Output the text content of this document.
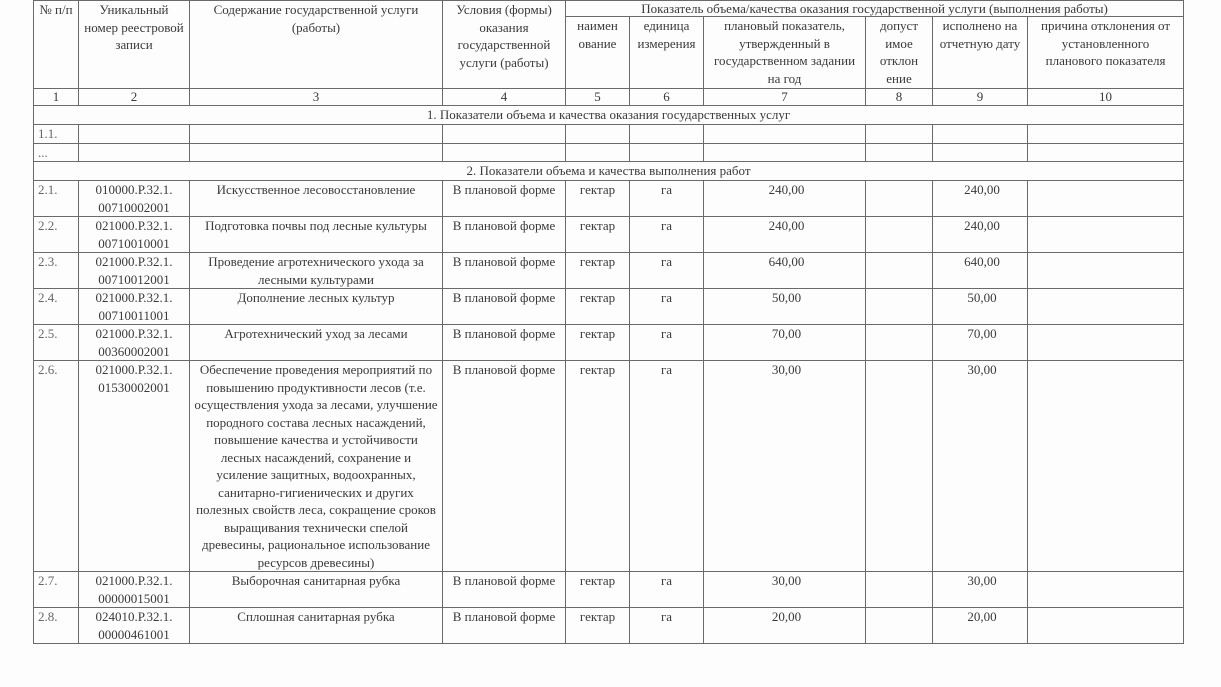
№ п/п	Уникальный номер реестровой записи	Содержание государственной услуги (работы)	Условия (формы) оказания государственной услуги (работы)	Показатель объема/качества оказания государственной услуги (выполнения работы)					
				наимен ование	единица измерения	плановый показатель, утвержденный в государственном задании на год	допуст имое отклон ение	исполнено на отчетную дату	причина отклонения от установленного планового показателя
1	2	3	4	5	6	7	8	9	10
1. Показатели объема и качества оказания государственных услуг									
1.1.									
...									
2. Показатели объема и качества выполнения работ									
2.1.	010000.Р.32.1. 00710002001	Искусственное лесовосстановление	В плановой форме	гектар	га	240,00		240,00	
2.2.	021000.Р.32.1. 00710010001	Подготовка почвы под лесные культуры	В плановой форме	гектар	га	240,00		240,00	
2.3.	021000.Р.32.1. 00710012001	Проведение агротехнического ухода за лесными культурами	В плановой форме	гектар	га	640,00		640,00	
2.4.	021000.Р.32.1. 00710011001	Дополнение лесных культур	В плановой форме	гектар	га	50,00		50,00	
2.5.	021000.Р.32.1. 00360002001	Агротехнический уход за лесами	В плановой форме	гектар	га	70,00		70,00	
2.6.	021000.Р.32.1. 01530002001	Обеспечение проведения мероприятий по повышению продуктивности лесов (т.е. осуществления ухода за лесами, улучшение породного состава лесных насаждений, повышение качества и устойчивости лесных насаждений, сохранение и усиление защитных, водоохранных, санитарно-гигиенических и других полезных свойств леса, сокращение сроков выращивания технически спелой древесины, рациональное использование ресурсов древесины)	В плановой форме	гектар	га	30,00		30,00	
2.7.	021000.Р.32.1. 00000015001	Выборочная санитарная рубка	В плановой форме	гектар	га	30,00		30,00	
2.8.	024010.Р.32.1. 00000461001	Сплошная санитарная рубка	В плановой форме	гектар	га	20,00		20,00	
